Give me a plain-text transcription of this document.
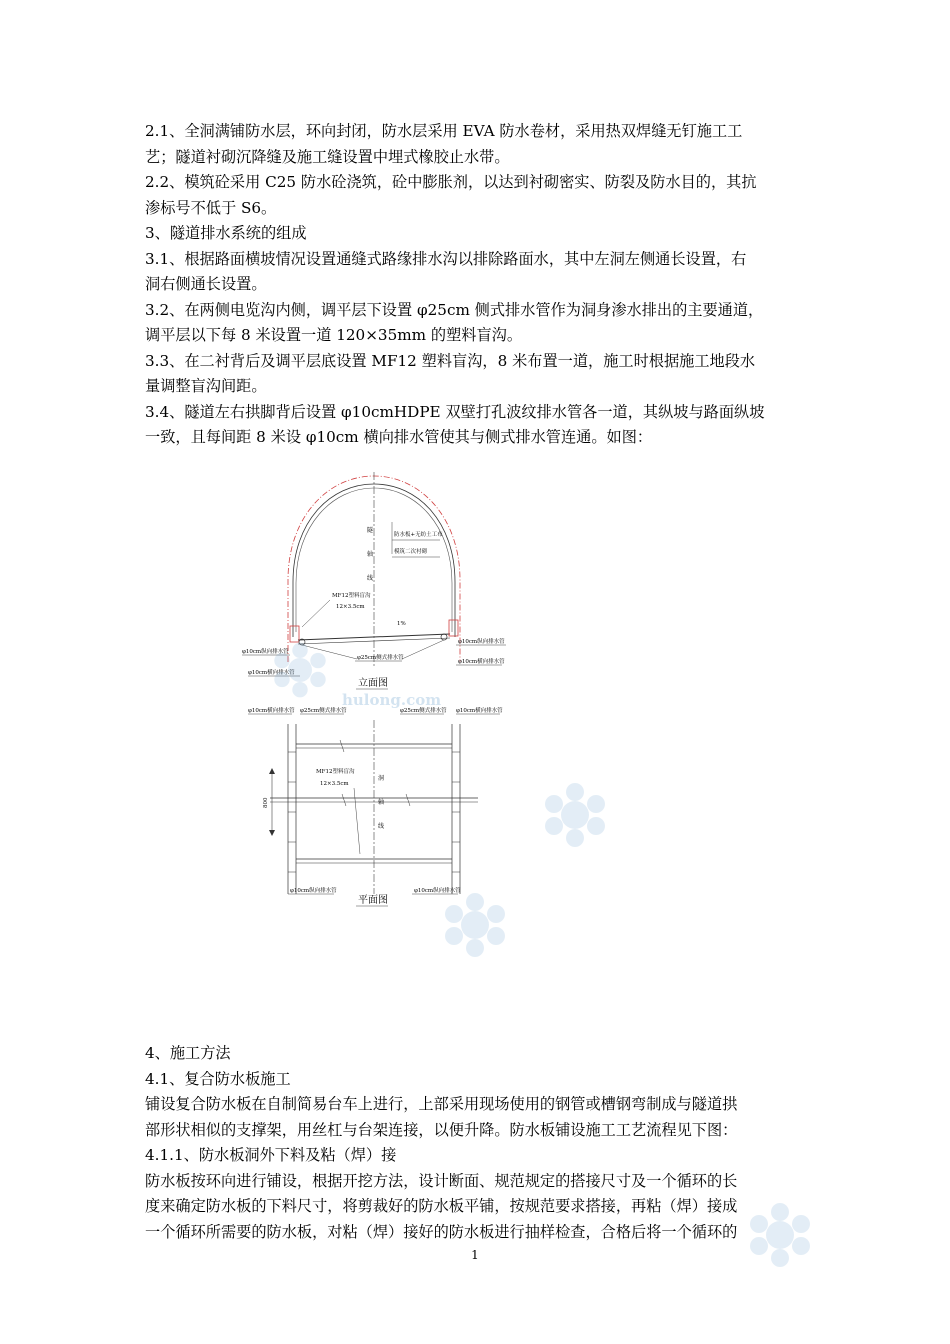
2.1、全洞满铺防水层，环向封闭，防水层采用 EVA 防水卷材，采用热双焊缝无钉施工工

艺；隧道衬砌沉降缝及施工缝设置中埋式橡胶止水带。

2.2、模筑砼采用 C25 防水砼浇筑，砼中膨胀剂，以达到衬砌密实、防裂及防水目的，其抗

渗标号不低于 S6。

3、隧道排水系统的组成

3.1、根据路面横坡情况设置通缝式路缘排水沟以排除路面水，其中左洞左侧通长设置，右

洞右侧通长设置。

3.2、在两侧电览沟内侧，调平层下设置 φ25cm 侧式排水管作为洞身渗水排出的主要通道，

调平层以下每 8 米设置一道 120×35mm 的塑料盲沟。

3.3、在二衬背后及调平层底设置 MF12 塑料盲沟，8 米布置一道，施工时根据施工地段水

量调整盲沟间距。

3.4、隧道左右拱脚背后设置 φ10cmHDPE 双壁打孔波纹排水管各一道，其纵坡与路面纵坡

一致，且每间距 8 米设 φ10cm 横向排水管使其与侧式排水管连通。如图：

隧
轴
线
防水板+无纺土工布
模筑二次衬砌
MF12塑料盲沟
12×3.5cm
1%
φ10cm纵向排水管
φ10cm横向排水管
φ10cm纵向排水管
φ10cm横向排水管
φ25cm侧式排水管
立面图
φ10cm横向排水管 φ25cm侧式排水管	φ25cm侧式排水管 φ10cm横向排水管
洞
轴
线
MF12塑料盲沟
12×3.5cm
800
φ10cm纵向排水管	φ10cm纵向排水管
平面图
hulong.com

4、施工方法

4.1、复合防水板施工

铺设复合防水板在自制简易台车上进行，上部采用现场使用的钢管或槽钢弯制成与隧道拱

部形状相似的支撑架，用丝杠与台架连接，以便升降。防水板铺设施工工艺流程见下图：

4.1.1、防水板洞外下料及粘（焊）接

防水板按环向进行铺设，根据开挖方法，设计断面、规范规定的搭接尺寸及一个循环的长

度来确定防水板的下料尺寸，将剪裁好的防水板平铺，按规范要求搭接，再粘（焊）接成

一个循环所需要的防水板，对粘（焊）接好的防水板进行抽样检查，合格后将一个循环的

1
